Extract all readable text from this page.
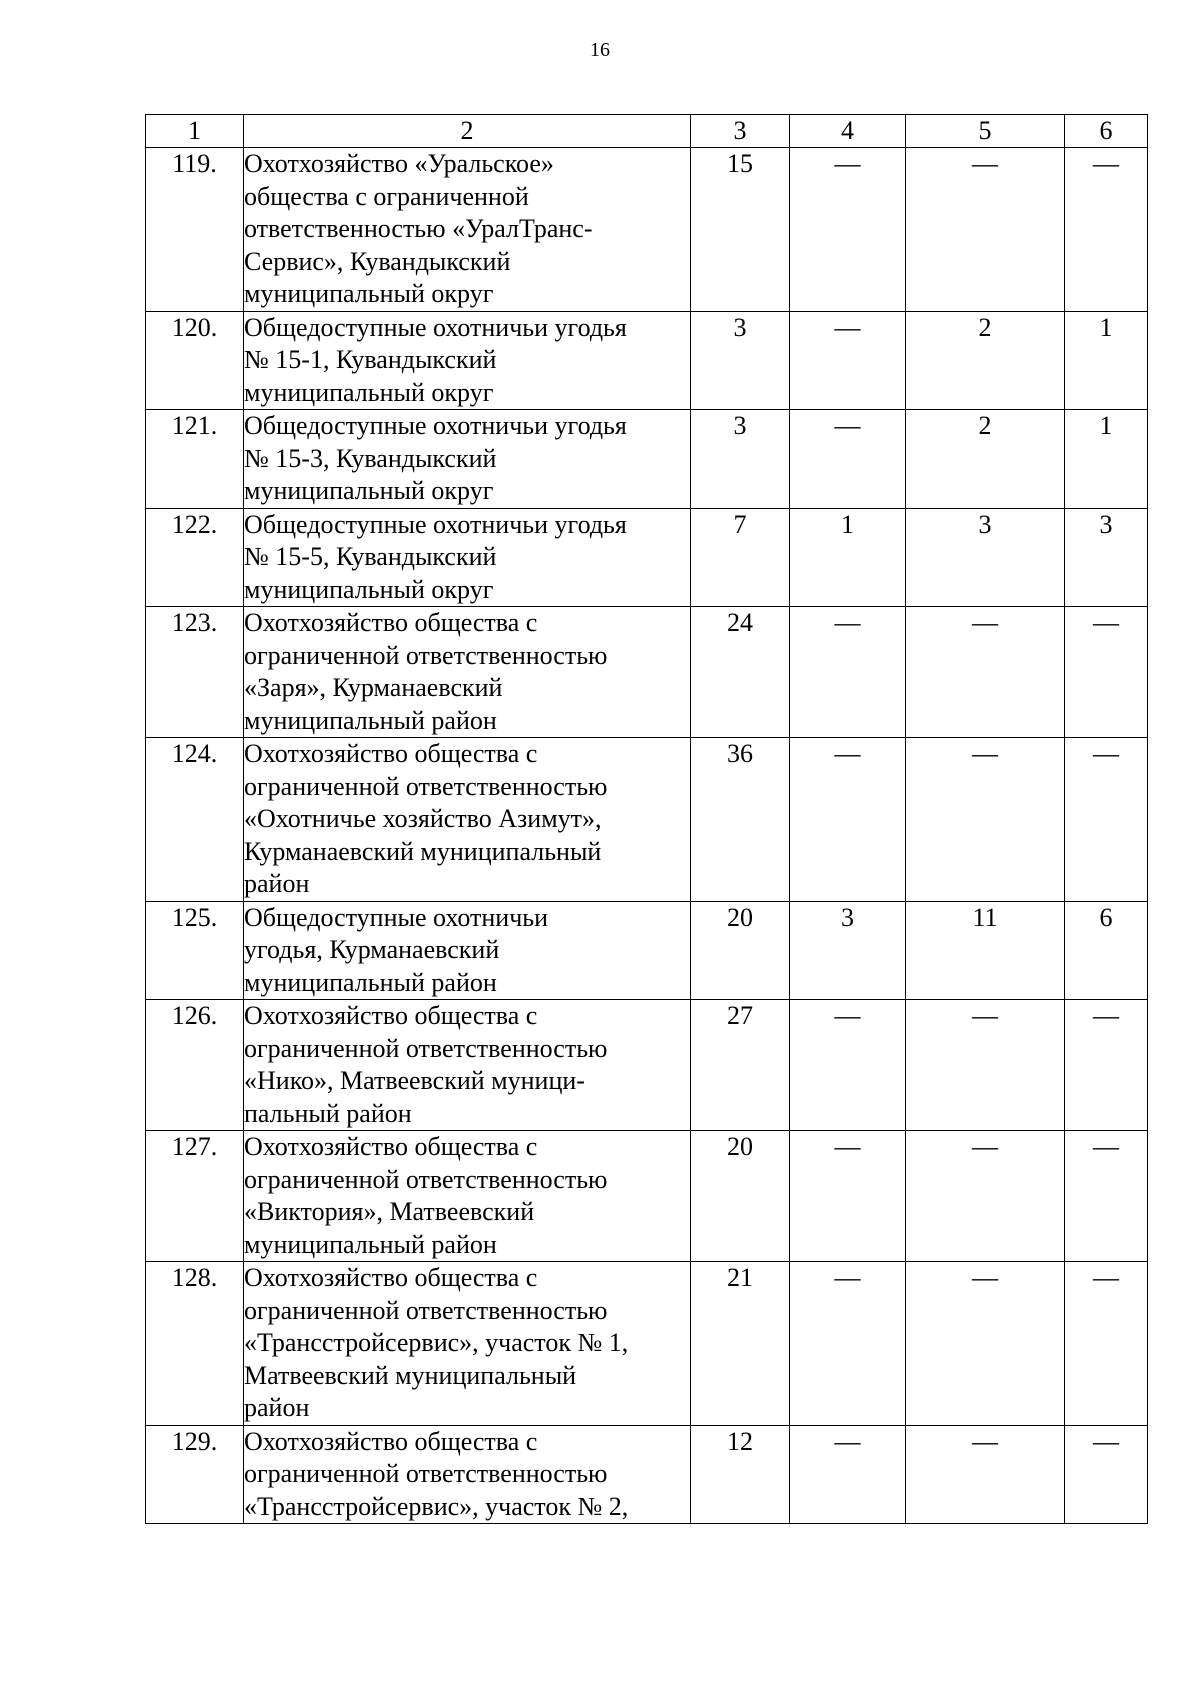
16
1	2	3	4	5	6
119.	Охотхозяйство «Уральское»
общества с ограниченной
ответственностью «УралТранс-
Сервис», Кувандыкский
муниципальный округ	15	—	—	—
120.	Общедоступные охотничьи угодья
№ 15-1, Кувандыкский
муниципальный округ	3	—	2	1
121.	Общедоступные охотничьи угодья
№ 15-3, Кувандыкский
муниципальный округ	3	—	2	1
122.	Общедоступные охотничьи угодья
№ 15-5, Кувандыкский
муниципальный округ	7	1	3	3
123.	Охотхозяйство общества с
ограниченной ответственностью
«Заря», Курманаевский
муниципальный район	24	—	—	—
124.	Охотхозяйство общества с
ограниченной ответственностью
«Охотничье хозяйство Азимут»,
Курманаевский муниципальный
район	36	—	—	—
125.	Общедоступные охотничьи
угодья, Курманаевский
муниципальный район	20	3	11	6
126.	Охотхозяйство общества с
ограниченной ответственностью
«Нико», Матвеевский муници-
пальный район	27	—	—	—
127.	Охотхозяйство общества с
ограниченной ответственностью
«Виктория», Матвеевский
муниципальный район	20	—	—	—
128.	Охотхозяйство общества с
ограниченной ответственностью
«Трансстройсервис», участок № 1,
Матвеевский муниципальный
район	21	—	—	—
129.	Охотхозяйство общества с
ограниченной ответственностью
«Трансстройсервис», участок № 2,	12	—	—	—
